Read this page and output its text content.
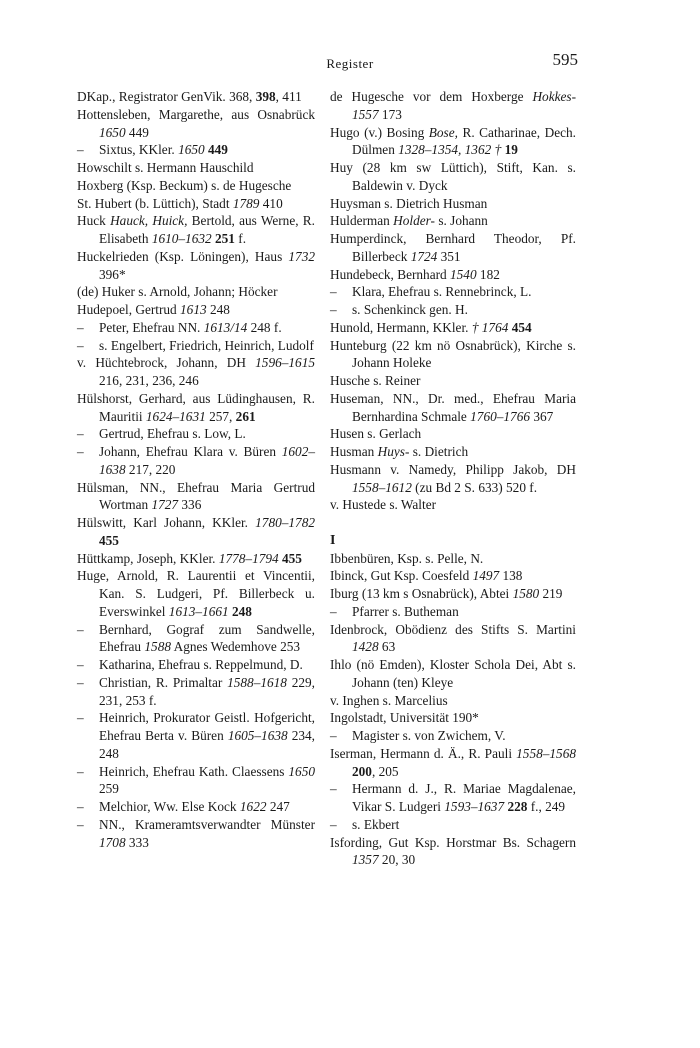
Register	595

DKap., Registrator GenVik. 368, 398, 411

Hottensleben, Margarethe, aus Osnabrück 1650 449

– Sixtus, KKler. 1650 449

Howschilt s. Hermann Hauschild

Hoxberg (Ksp. Beckum) s. de Hugesche

St. Hubert (b. Lüttich), Stadt 1789 410

Huck Hauck, Huick, Bertold, aus Werne, R. Elisabeth 1610–1632 251 f.

Huckelrieden (Ksp. Löningen), Haus 1732 396*

(de) Huker s. Arnold, Johann; Höcker

Hudepoel, Gertrud 1613 248

– Peter, Ehefrau NN. 1613/14 248 f.

– s. Engelbert, Friedrich, Heinrich, Ludolf

v. Hüchtebrock, Johann, DH 1596–1615 216, 231, 236, 246

Hülshorst, Gerhard, aus Lüdinghausen, R. Mauritii 1624–1631 257, 261

– Gertrud, Ehefrau s. Low, L.

– Johann, Ehefrau Klara v. Büren 1602–1638 217, 220

Hülsman, NN., Ehefrau Maria Gertrud Wortman 1727 336

Hülswitt, Karl Johann, KKler. 1780–1782 455

Hüttkamp, Joseph, KKler. 1778–1794 455

Huge, Arnold, R. Laurentii et Vincentii, Kan. S. Ludgeri, Pf. Billerbeck u. Everswinkel 1613–1661 248

– Bernhard, Gograf zum Sandwelle, Ehefrau 1588 Agnes Wedemhove 253

– Katharina, Ehefrau s. Reppelmund, D.

– Christian, R. Primaltar 1588–1618 229, 231, 253 f.

– Heinrich, Prokurator Geistl. Hofgericht, Ehefrau Berta v. Büren 1605–1638 234, 248

– Heinrich, Ehefrau Kath. Claessens 1650 259

– Melchior, Ww. Else Kock 1622 247

– NN., Krameramtsverwandter Münster 1708 333

de Hugesche vor dem Hoxberge Hokkes- 1557 173

Hugo (v.) Bosing Bose, R. Catharinae, Dech. Dülmen 1328–1354, 1362 † 19

Huy (28 km sw Lüttich), Stift, Kan. s. Baldewin v. Dyck

Huysman s. Dietrich Husman

Hulderman Holder- s. Johann

Humperdinck, Bernhard Theodor, Pf. Billerbeck 1724 351

Hundebeck, Bernhard 1540 182

– Klara, Ehefrau s. Rennebrinck, L.

– s. Schenkinck gen. H.

Hunold, Hermann, KKler. † 1764 454

Hunteburg (22 km nö Osnabrück), Kirche s. Johann Holeke

Husche s. Reiner

Huseman, NN., Dr. med., Ehefrau Maria Bernhardina Schmale 1760–1766 367

Husen s. Gerlach

Husman Huys- s. Dietrich

Husmann v. Namedy, Philipp Jakob, DH 1558–1612 (zu Bd 2 S. 633) 520 f.

v. Hustede s. Walter

I

Ibbenbüren, Ksp. s. Pelle, N.

Ibinck, Gut Ksp. Coesfeld 1497 138

Iburg (13 km s Osnabrück), Abtei 1580 219

– Pfarrer s. Butheman

Idenbrock, Obödienz des Stifts S. Martini 1428 63

Ihlo (nö Emden), Kloster Schola Dei, Abt s. Johann (ten) Kleye

v. Inghen s. Marcelius

Ingolstadt, Universität 190*

– Magister s. von Zwichem, V.

Iserman, Hermann d. Ä., R. Pauli 1558–1568 200, 205

– Hermann d. J., R. Mariae Magdalenae, Vikar S. Ludgeri 1593–1637 228 f., 249

– s. Ekbert

Isfording, Gut Ksp. Horstmar Bs. Schagern 1357 20, 30
